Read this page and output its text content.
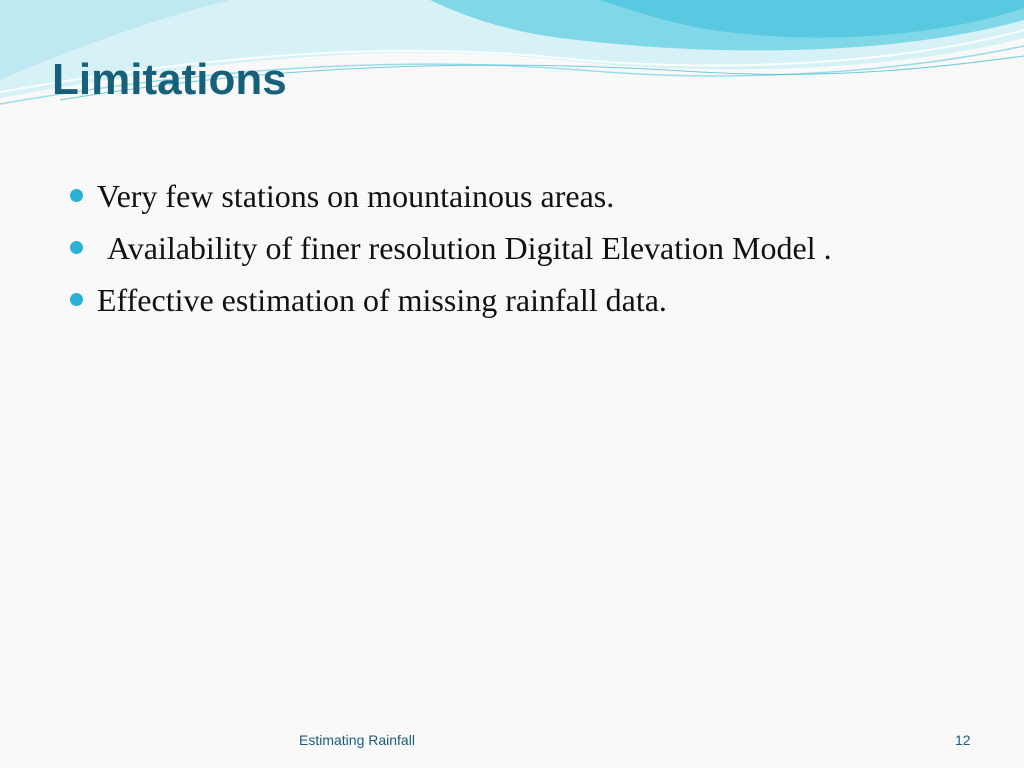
Limitations
Very few stations on mountainous areas.
Availability of finer resolution Digital Elevation Model .
Effective estimation of missing rainfall data.
Estimating Rainfall	12
